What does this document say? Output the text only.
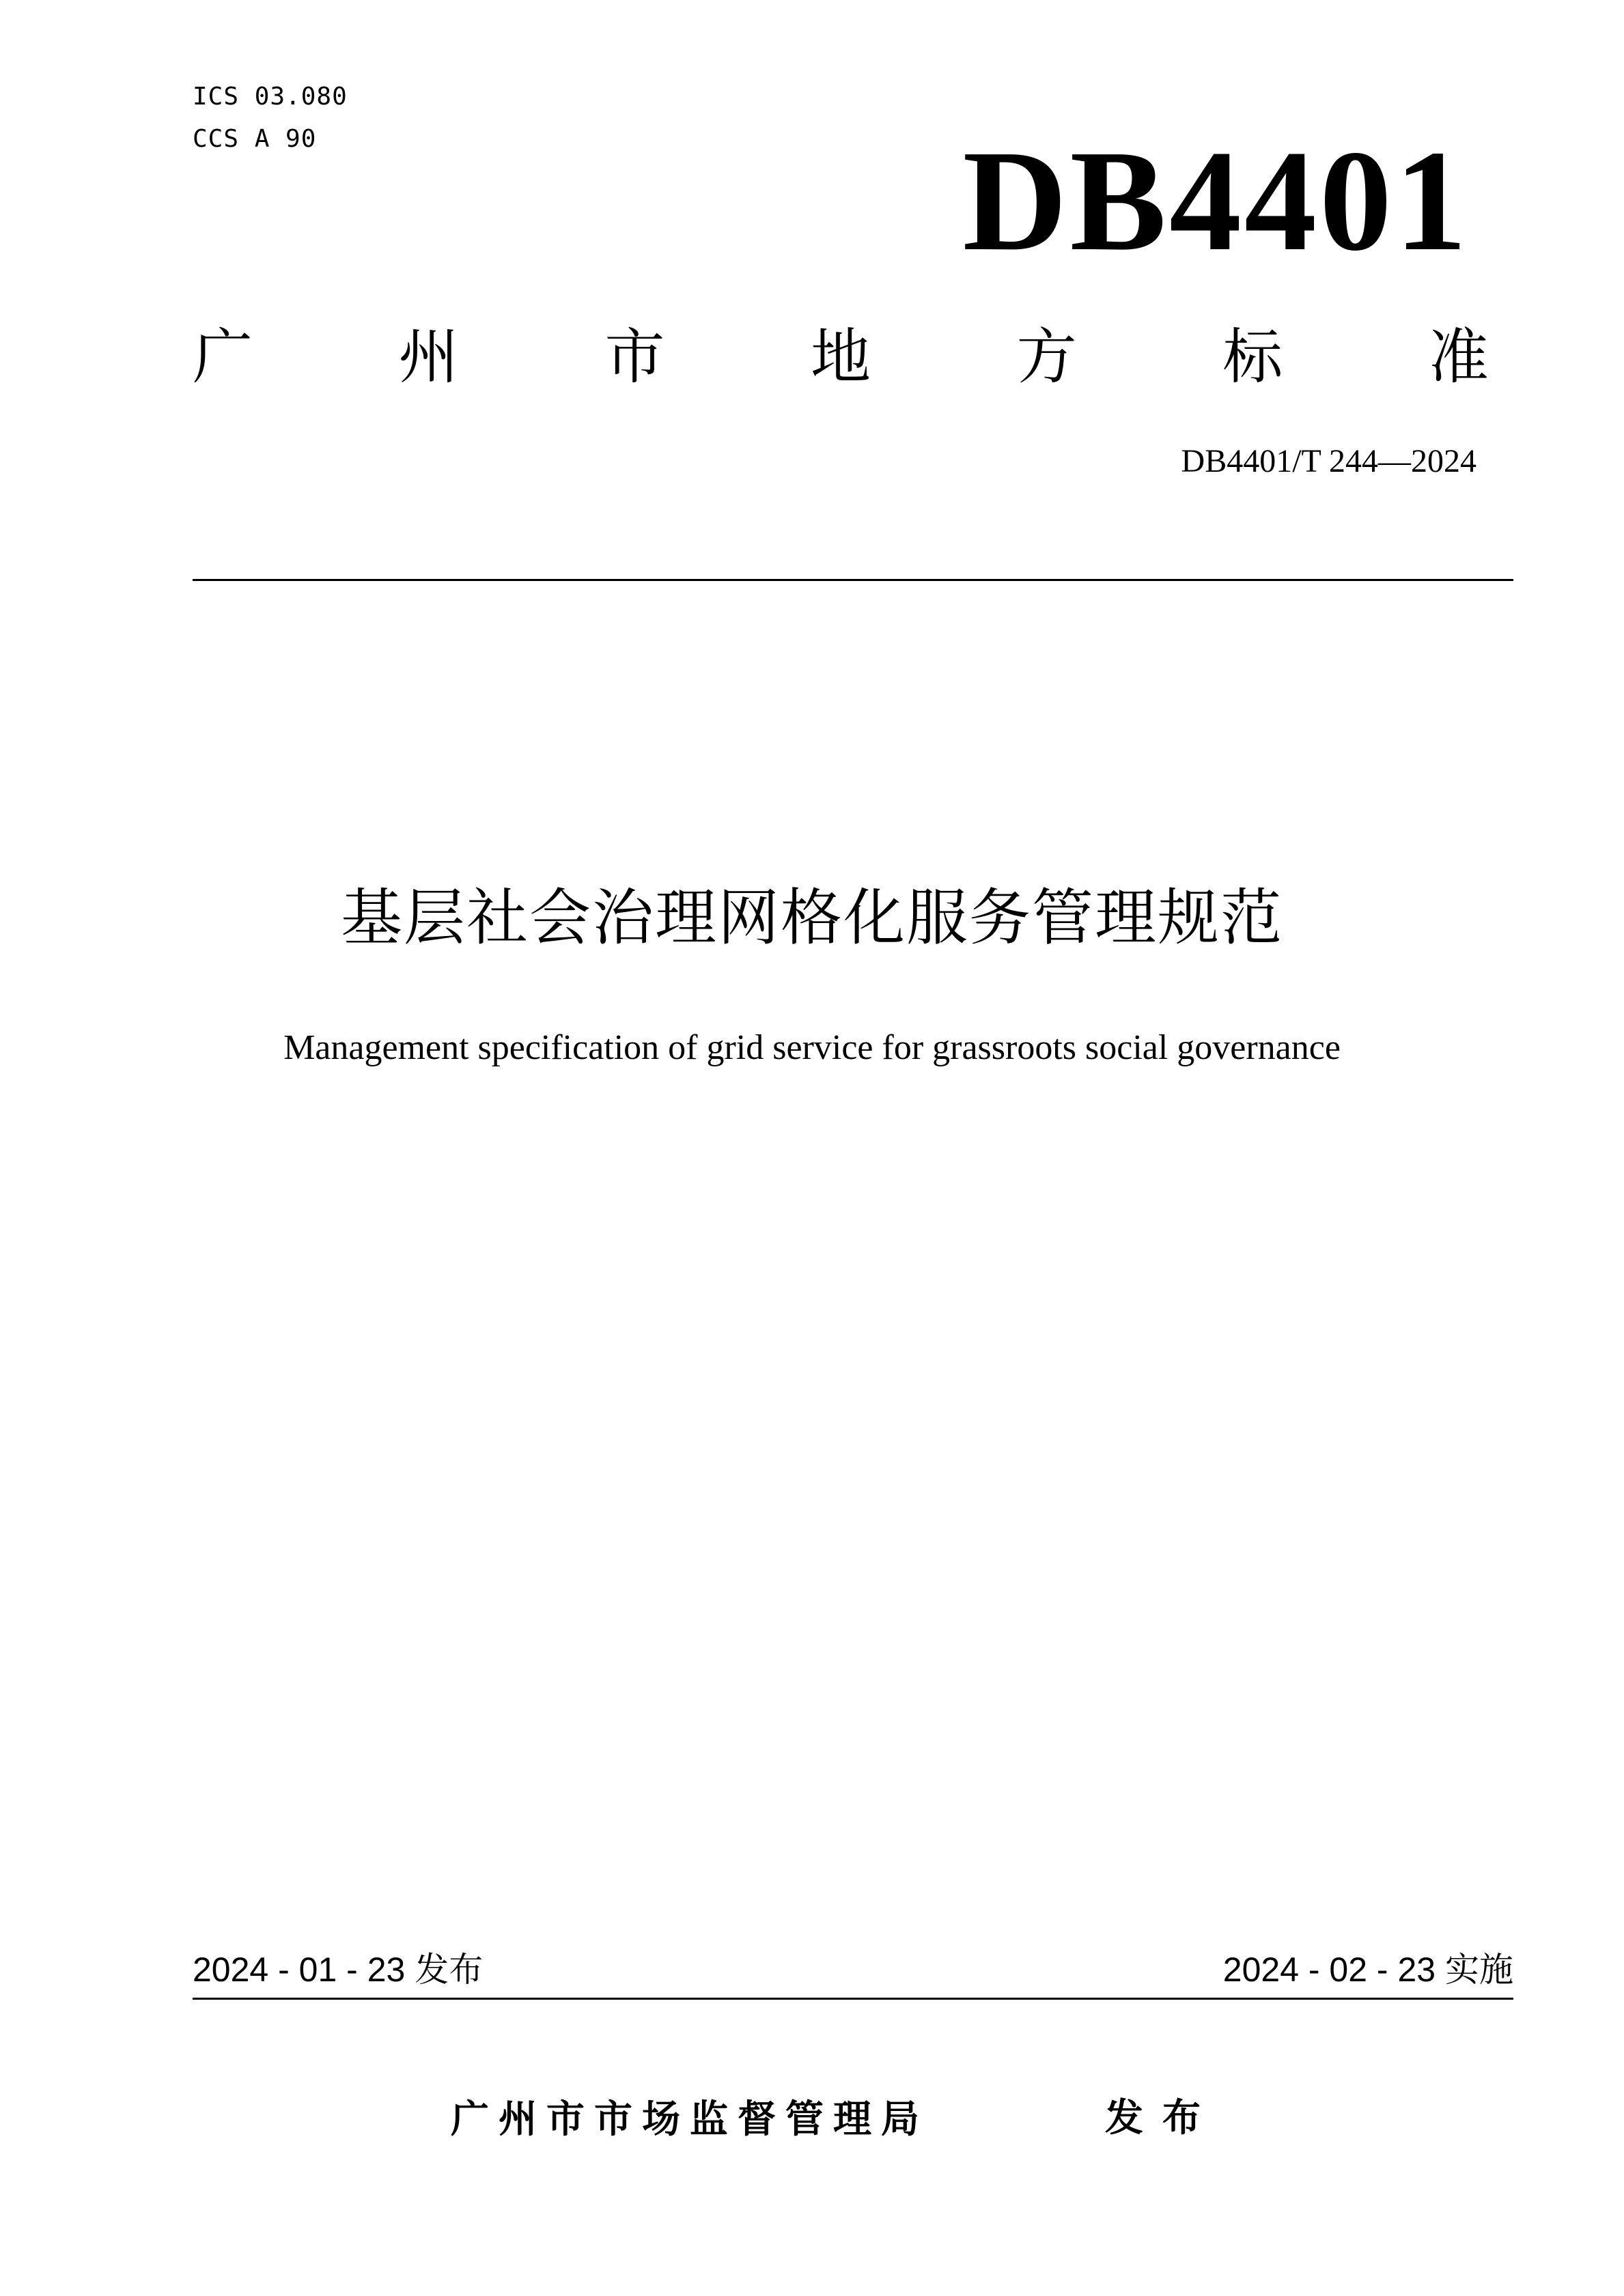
ICS 03.080
CCS A 90	DB4401
广 州 市 地 方 标 准
DB4401/T 244—2024
基层社会治理网格化服务管理规范
Management specification of grid service for grassroots social governance
2024 - 01 - 23 发布	2024 - 02 - 23 实施
广州市市场监督管理局	发布
